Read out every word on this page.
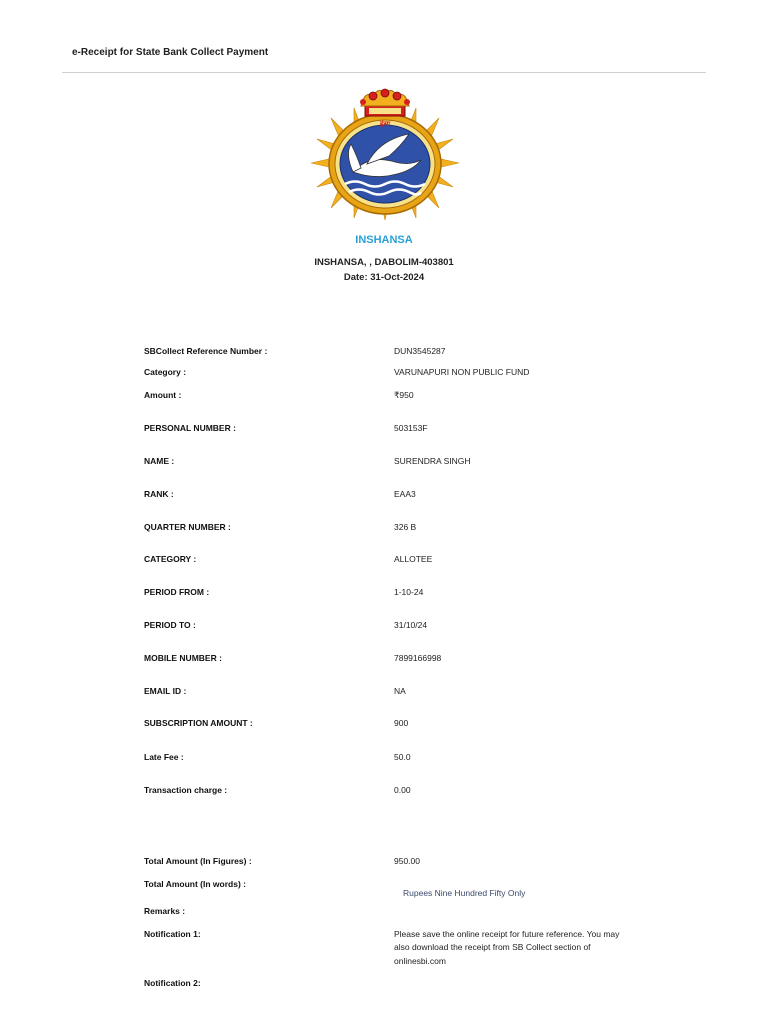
e-Receipt for State Bank Collect Payment
हंसा
INSHANSA
INSHANSA, , DABOLIM-403801
Date: 31-Oct-2024
SBCollect Reference Number :	DUN3545287
Category :	VARUNAPURI NON PUBLIC FUND
Amount :	₹950
PERSONAL NUMBER :	503153F
NAME :	SURENDRA SINGH
RANK :	EAA3
QUARTER NUMBER :	326 B
CATEGORY :	ALLOTEE
PERIOD FROM :	1-10-24
PERIOD TO :	31/10/24
MOBILE NUMBER :	7899166998
EMAIL ID :	NA
SUBSCRIPTION AMOUNT :	900
Late Fee :	50.0
Transaction charge :	0.00
Total Amount (In Figures) :	950.00
Total Amount (In words) :
Rupees Nine Hundred Fifty Only
Remarks :
Notification 1:	Please save the online receipt for future reference. You may
also download the receipt from SB Collect section of
onlinesbi.com
Notification 2:
